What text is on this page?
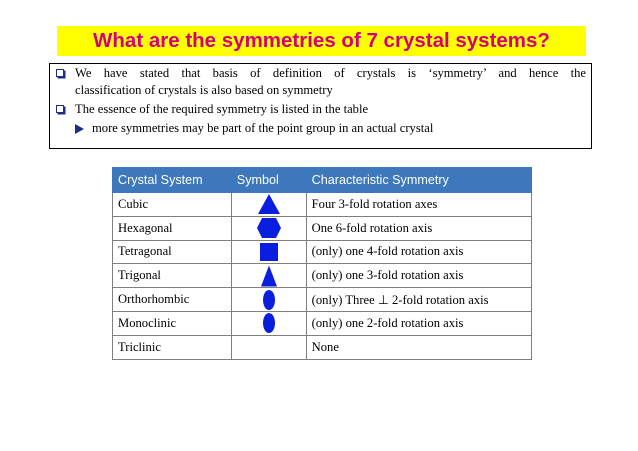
What are the symmetries of 7 crystal systems?
We have stated that basis of definition of crystals is ‘symmetry’ and hence the
classification of crystals is also based on symmetry
The essence of the required symmetry is listed in the table
more symmetries may be part of the point group in an actual crystal
Crystal System	Symbol	Characteristic Symmetry
Cubic		Four 3-fold rotation axes
Hexagonal		One 6-fold rotation axis
Tetragonal		(only) one 4-fold rotation axis
Trigonal		(only) one 3-fold rotation axis
Orthorhombic		(only) Three ⊥ 2-fold rotation axis
Monoclinic		(only) one 2-fold rotation axis
Triclinic		None
